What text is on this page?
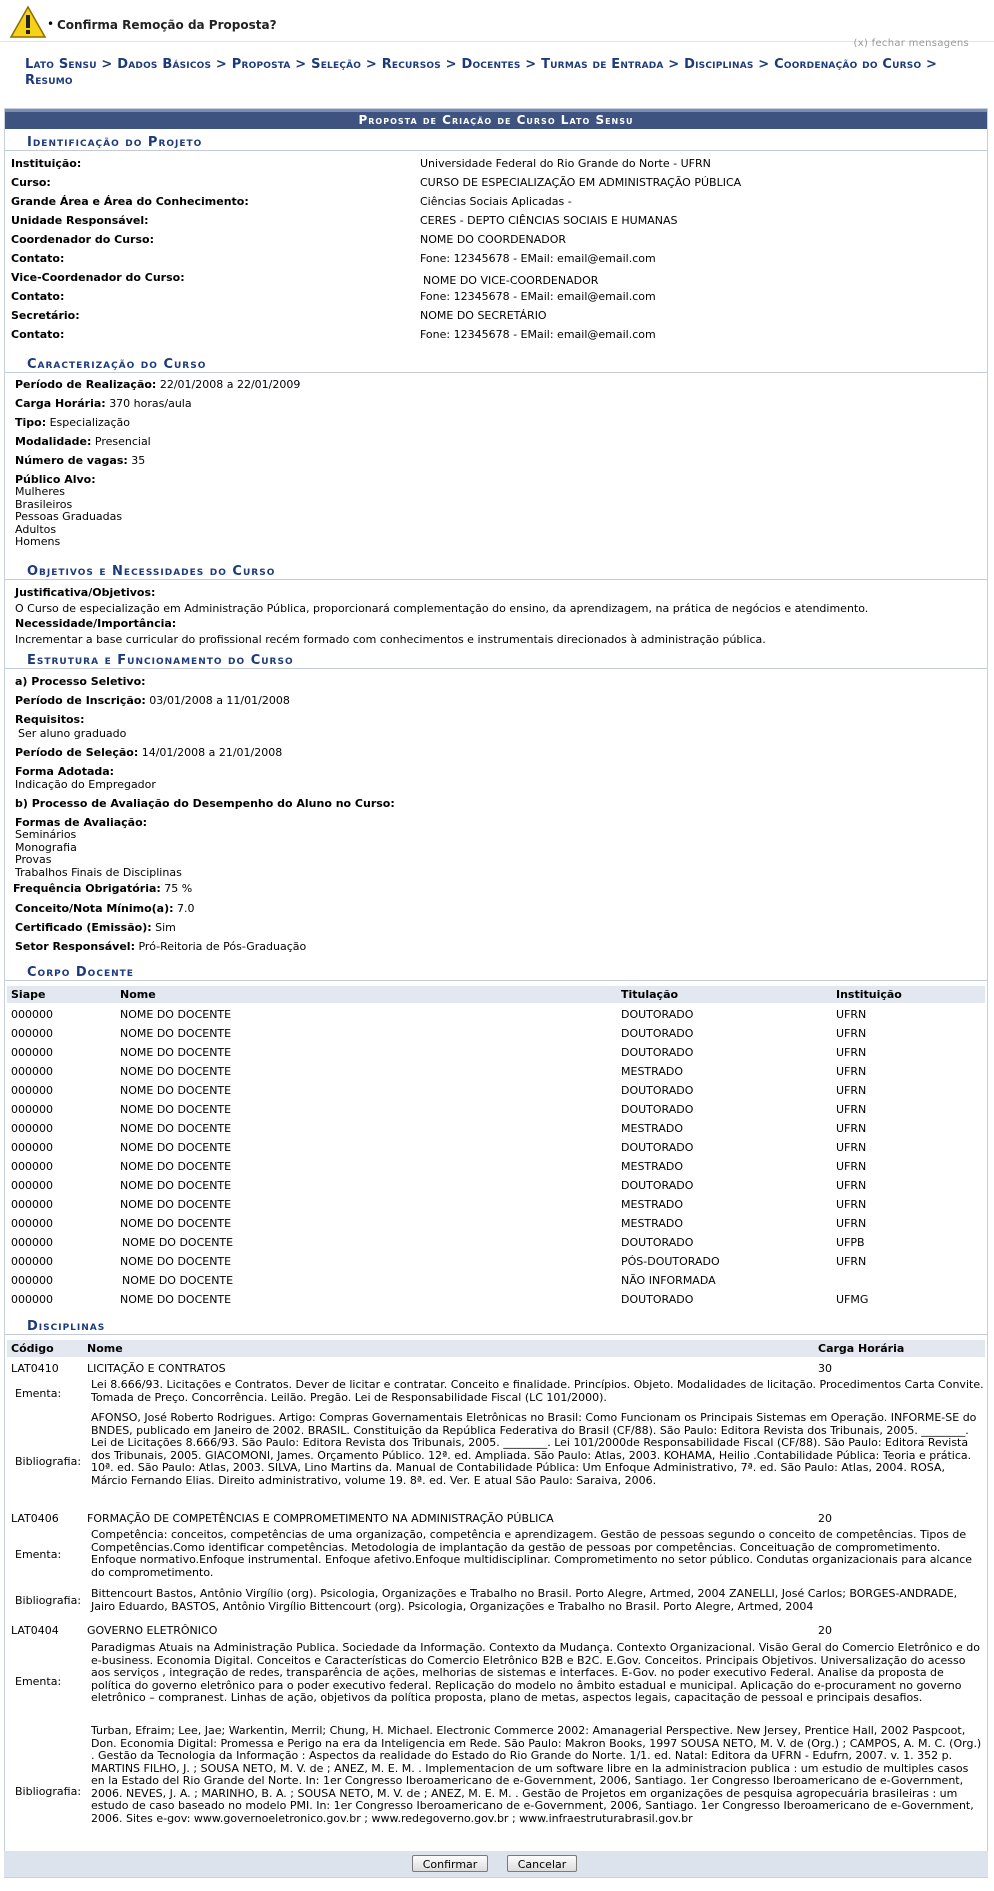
• Confirma Remoção da Proposta?
(x) fechar mensagens
Lato Sensu > Dados Básicos > Proposta > Seleção > Recursos > Docentes > Turmas de Entrada > Disciplinas > Coordenação do Curso > Resumo
Proposta de Criação de Curso Lato Sensu
Identificação do Projeto
Instituição:	Universidade Federal do Rio Grande do Norte - UFRN
Curso:	CURSO DE ESPECIALIZAÇÃO EM ADMINISTRAÇÃO PÚBLICA
Grande Área e Área do Conhecimento:	Ciências Sociais Aplicadas -
Unidade Responsável:	CERES - DEPTO CIÊNCIAS SOCIAIS E HUMANAS
Coordenador do Curso:	NOME DO COORDENADOR
Contato:	Fone: 12345678 - EMail: email@email.com
Vice-Coordenador do Curso:	NOME DO VICE-COORDENADOR
Contato:	Fone: 12345678 - EMail: email@email.com
Secretário:	NOME DO SECRETÁRIO
Contato:	Fone: 12345678 - EMail: email@email.com
Caracterização do Curso
Período de Realização: 22/01/2008 a 22/01/2009
Carga Horária: 370 horas/aula
Tipo: Especialização
Modalidade: Presencial
Número de vagas: 35
Público Alvo:
Mulheres
Brasileiros
Pessoas Graduadas
Adultos
Homens
Objetivos e Necessidades do Curso
Justificativa/Objetivos:
O Curso de especialização em Administração Pública, proporcionará complementação do ensino, da aprendizagem, na prática de negócios e atendimento.
Necessidade/Importância:
Incrementar a base curricular do profissional recém formado com conhecimentos e instrumentais direcionados à administração pública.
Estrutura e Funcionamento do Curso
a) Processo Seletivo:
Período de Inscrição: 03/01/2008 a 11/01/2008
Requisitos:
Ser aluno graduado
Período de Seleção: 14/01/2008 a 21/01/2008
Forma Adotada:
Indicação do Empregador
b) Processo de Avaliação do Desempenho do Aluno no Curso:
Formas de Avaliação:
Seminários
Monografia
Provas
Trabalhos Finais de Disciplinas
Frequência Obrigatória: 75 %
Conceito/Nota Mínimo(a): 7.0
Certificado (Emissão): Sim
Setor Responsável: Pró-Reitoria de Pós-Graduação
Corpo Docente
Siape	Nome	Titulação	Instituição
000000	NOME DO DOCENTE	DOUTORADO	UFRN
000000	NOME DO DOCENTE	DOUTORADO	UFRN
000000	NOME DO DOCENTE	DOUTORADO	UFRN
000000	NOME DO DOCENTE	MESTRADO	UFRN
000000	NOME DO DOCENTE	DOUTORADO	UFRN
000000	NOME DO DOCENTE	DOUTORADO	UFRN
000000	NOME DO DOCENTE	MESTRADO	UFRN
000000	NOME DO DOCENTE	DOUTORADO	UFRN
000000	NOME DO DOCENTE	MESTRADO	UFRN
000000	NOME DO DOCENTE	DOUTORADO	UFRN
000000	NOME DO DOCENTE	MESTRADO	UFRN
000000	NOME DO DOCENTE	MESTRADO	UFRN
000000	NOME DO DOCENTE	DOUTORADO	UFPB
000000	NOME DO DOCENTE	PÓS-DOUTORADO	UFRN
000000	NOME DO DOCENTE	NÃO INFORMADA
000000	NOME DO DOCENTE	DOUTORADO	UFMG
Disciplinas
Código	Nome	Carga Horária
LAT0410	LICITAÇÃO E CONTRATOS	30
Ementa:
Lei 8.666/93. Licitações e Contratos. Dever de licitar e contratar. Conceito e finalidade. Princípios. Objeto. Modalidades de licitação. Procedimentos Carta Convite. Tomada de Preço. Concorrência. Leilão. Pregão. Lei de Responsabilidade Fiscal (LC 101/2000).
Bibliografia:
AFONSO, José Roberto Rodrigues. Artigo: Compras Governamentais Eletrônicas no Brasil: Como Funcionam os Principais Sistemas em Operação. INFORME-SE do BNDES, publicado em Janeiro de 2002. BRASIL. Constituição da República Federativa do Brasil (CF/88). São Paulo: Editora Revista dos Tribunais, 2005. ________. Lei de Licitações 8.666/93. São Paulo: Editora Revista dos Tribunais, 2005. ________. Lei 101/2000de Responsabilidade Fiscal (CF/88). São Paulo: Editora Revista dos Tribunais, 2005. GIACOMONI, James. Orçamento Público. 12ª. ed. Ampliada. São Paulo: Atlas, 2003. KOHAMA, Heilio .Contabilidade Pública: Teoria e prática. 10ª. ed. São Paulo: Atlas, 2003. SILVA, Lino Martins da. Manual de Contabilidade Pública: Um Enfoque Administrativo, 7ª. ed. São Paulo: Atlas, 2004. ROSA, Márcio Fernando Elias. Direito administrativo, volume 19. 8ª. ed. Ver. E atual São Paulo: Saraiva, 2006.
LAT0406	FORMAÇÃO DE COMPETÊNCIAS E COMPROMETIMENTO NA ADMINISTRAÇÃO PÚBLICA	20
Ementa:
Competência: conceitos, competências de uma organização, competência e aprendizagem. Gestão de pessoas segundo o conceito de competências. Tipos de Competências.Como identificar competências. Metodologia de implantação da gestão de pessoas por competências. Conceituação de comprometimento. Enfoque normativo.Enfoque instrumental. Enfoque afetivo.Enfoque multidisciplinar. Comprometimento no setor público. Condutas organizacionais para alcance do comprometimento.
Bibliografia:
Bittencourt Bastos, Antônio Virgílio (org). Psicologia, Organizações e Trabalho no Brasil. Porto Alegre, Artmed, 2004 ZANELLI, José Carlos; BORGES-ANDRADE, Jairo Eduardo, BASTOS, Antônio Virgílio Bittencourt (org). Psicologia, Organizações e Trabalho no Brasil. Porto Alegre, Artmed, 2004
LAT0404	GOVERNO ELETRÔNICO	20
Ementa:
Paradigmas Atuais na Administração Publica. Sociedade da Informação. Contexto da Mudança. Contexto Organizacional. Visão Geral do Comercio Eletrônico e do e-business. Economia Digital. Conceitos e Características do Comercio Eletrônico B2B e B2C. E.Gov. Conceitos. Principais Objetivos. Universalização do acesso aos serviços , integração de redes, transparência de ações, melhorias de sistemas e interfaces. E-Gov. no poder executivo Federal. Analise da proposta de política do governo eletrônico para o poder executivo federal. Replicação do modelo no âmbito estadual e municipal. Aplicação do e-procurament no governo eletrônico – compranest. Linhas de ação, objetivos da política proposta, plano de metas, aspectos legais, capacitação de pessoal e principais desafios.
Bibliografia:
Turban, Efraim; Lee, Jae; Warkentin, Merril; Chung, H. Michael. Electronic Commerce 2002: Amanagerial Perspective. New Jersey, Prentice Hall, 2002 Paspcoot, Don. Economia Digital: Promessa e Perigo na era da Inteligencia em Rede. São Paulo: Makron Books, 1997 SOUSA NETO, M. V. de (Org.) ; CAMPOS, A. M. C. (Org.) . Gestão da Tecnologia da Informação : Aspectos da realidade do Estado do Rio Grande do Norte. 1/1. ed. Natal: Editora da UFRN - Edufrn, 2007. v. 1. 352 p. MARTINS FILHO, J. ; SOUSA NETO, M. V. de ; ANEZ, M. E. M. . Implementacion de um software libre en la administracion publica : um estudio de multiples casos en la Estado del Rio Grande del Norte. In: 1er Congresso Iberoamericano de e-Government, 2006, Santiago. 1er Congresso Iberoamericano de e-Government, 2006. NEVES, J. A. ; MARINHO, B. A. ; SOUSA NETO, M. V. de ; ANEZ, M. E. M. . Gestão de Projetos em organizações de pesquisa agropecuária brasileiras : um estudo de caso baseado no modelo PMI. In: 1er Congresso Iberoamericano de e-Government, 2006, Santiago. 1er Congresso Iberoamericano de e-Government, 2006. Sites e-gov: www.governoeletronico.gov.br ; www.redegoverno.gov.br ; www.infraestruturabrasil.gov.br
Confirmar	Cancelar
